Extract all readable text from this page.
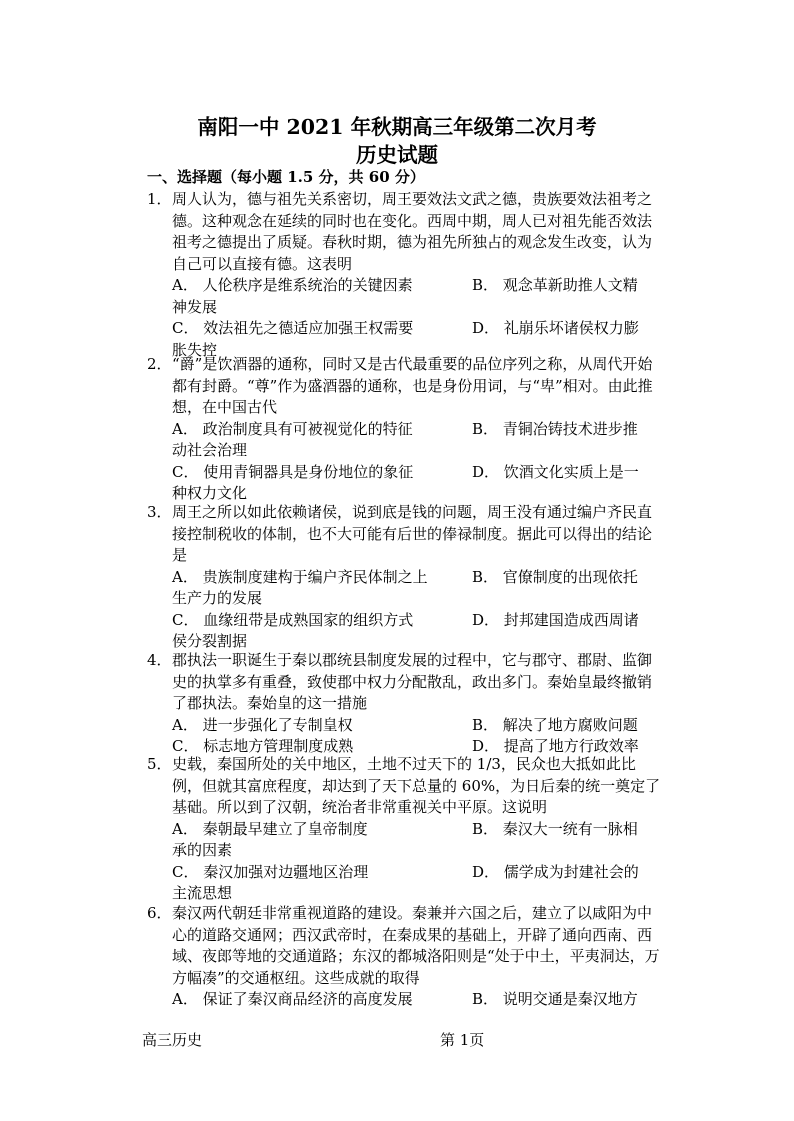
南阳一中 2021 年秋期高三年级第二次月考
历史试题
一、选择题（每小题 1.5 分，共 60 分）
1． 周人认为，德与祖先关系密切，周王要效法文武之德，贵族要效法祖考之德。这种观念在延续的同时也在变化。西周中期，周人已对祖先能否效法祖考之德提出了质疑。春秋时期，德为祖先所独占的观念发生改变，认为自己可以直接有德。这表明
A． 人伦秩序是维系统治的关键因素	B． 观念革新助推人文精
神发展
C． 效法祖先之德适应加强王权需要	D． 礼崩乐坏诸侯权力膨
胀失控
2． “爵”是饮酒器的通称，同时又是古代最重要的品位序列之称，从周代开始都有封爵。“尊”作为盛酒器的通称，也是身份用词，与“卑”相对。由此推想，在中国古代
A． 政治制度具有可被视觉化的特征	B． 青铜冶铸技术进步推
动社会治理
C． 使用青铜器具是身份地位的象征	D． 饮酒文化实质上是一
种权力文化
3． 周王之所以如此依赖诸侯，说到底是钱的问题，周王没有通过编户齐民直接控制税收的体制，也不大可能有后世的俸禄制度。据此可以得出的结论是
A． 贵族制度建构于编户齐民体制之上	B． 官僚制度的出现依托
生产力的发展
C． 血缘纽带是成熟国家的组织方式	D． 封邦建国造成西周诸
侯分裂割据
4． 郡执法一职诞生于秦以郡统县制度发展的过程中，它与郡守、郡尉、监御史的执掌多有重叠，致使郡中权力分配散乱，政出多门。秦始皇最终撤销了郡执法。秦始皇的这一措施
A． 进一步强化了专制皇权	B． 解决了地方腐败问题
C． 标志地方管理制度成熟	D． 提高了地方行政效率
5． 史载，秦国所处的关中地区，土地不过天下的 1/3，民众也大抵如此比例，但就其富庶程度，却达到了天下总量的 60%，为日后秦的统一奠定了基础。所以到了汉朝，统治者非常重视关中平原。这说明
A． 秦朝最早建立了皇帝制度	B． 秦汉大一统有一脉相
承的因素
C． 秦汉加强对边疆地区治理	D． 儒学成为封建社会的
主流思想
6． 秦汉两代朝廷非常重视道路的建设。秦兼并六国之后，建立了以咸阳为中心的道路交通网；西汉武帝时，在秦成果的基础上，开辟了通向西南、西域、夜郎等地的交通道路；东汉的都城洛阳则是“处于中土，平夷洞达，万方幅凑”的交通枢纽。这些成就的取得
A． 保证了秦汉商品经济的高度发展	B． 说明交通是秦汉地方
高三历史	第 1页
